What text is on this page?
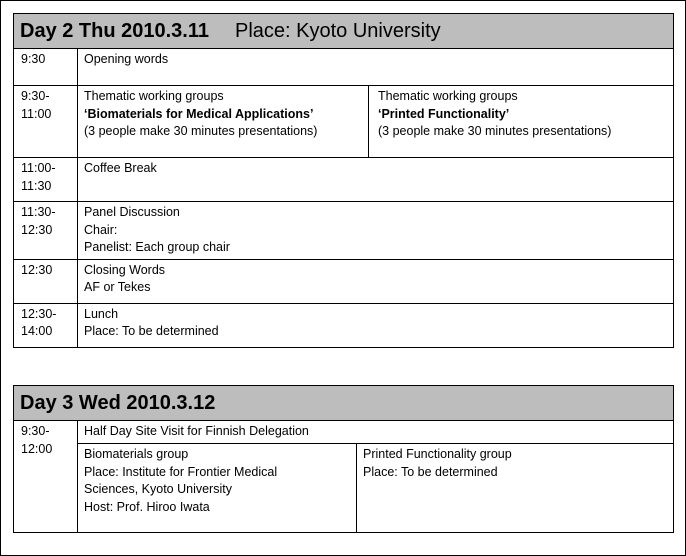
Day 2 Thu 2010.3.11 Place: Kyoto University		
9:30	Opening words	

9:30-
11:00	Thematic working groups
‘Biomaterials for Medical Applications’
(3 people make 30 minutes presentations)	Thematic working groups
‘Printed Functionality’
(3 people make 30 minutes presentations)

11:00-
11:30	Coffee Break	

11:30-
12:30	Panel Discussion
Chair:
Panelist: Each group chair	

12:30	Closing Words
AF or Tekes	

12:30-
14:00	Lunch
Place: To be determined	
Day 3 Wed 2010.3.12		

9:30-
12:00	Half Day Site Visit for Finnish Delegation	

	Biomaterials group
Place: Institute for Frontier Medical
Sciences, Kyoto University
Host: Prof. Hiroo Iwata	Printed Functionality group
Place: To be determined
